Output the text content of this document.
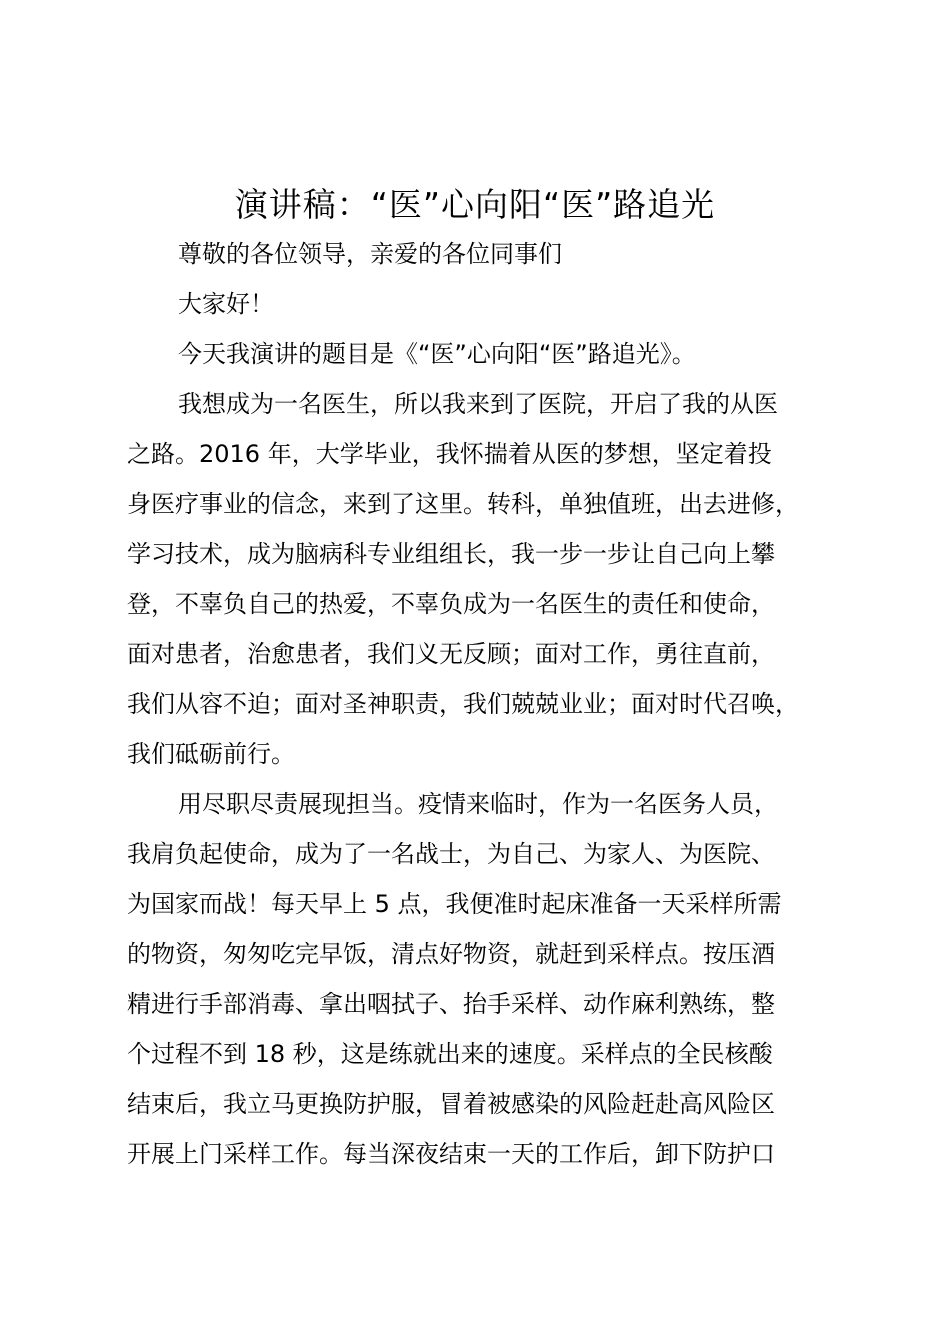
演讲稿：“医”心向阳“医”路追光

尊敬的各位领导，亲爱的各位同事们

大家好！

今天我演讲的题目是《“医”心向阳“医”路追光》。

我想成为一名医生，所以我来到了医院，开启了我的从医
之路。2016 年，大学毕业，我怀揣着从医的梦想，坚定着投
身医疗事业的信念，来到了这里。转科，单独值班，出去进修，
学习技术，成为脑病科专业组组长，我一步一步让自己向上攀
登，不辜负自己的热爱，不辜负成为一名医生的责任和使命，
面对患者，治愈患者，我们义无反顾；面对工作，勇往直前，
我们从容不迫；面对圣神职责，我们兢兢业业；面对时代召唤，
我们砥砺前行。

用尽职尽责展现担当。疫情来临时，作为一名医务人员，
我肩负起使命，成为了一名战士，为自己、为家人、为医院、
为国家而战！每天早上 5 点，我便准时起床准备一天采样所需
的物资，匆匆吃完早饭，清点好物资，就赶到采样点。按压酒
精进行手部消毒、拿出咽拭子、抬手采样、动作麻利熟练，整
个过程不到 18 秒，这是练就出来的速度。采样点的全民核酸
结束后，我立马更换防护服，冒着被感染的风险赶赴高风险区
开展上门采样工作。每当深夜结束一天的工作后，卸下防护口
